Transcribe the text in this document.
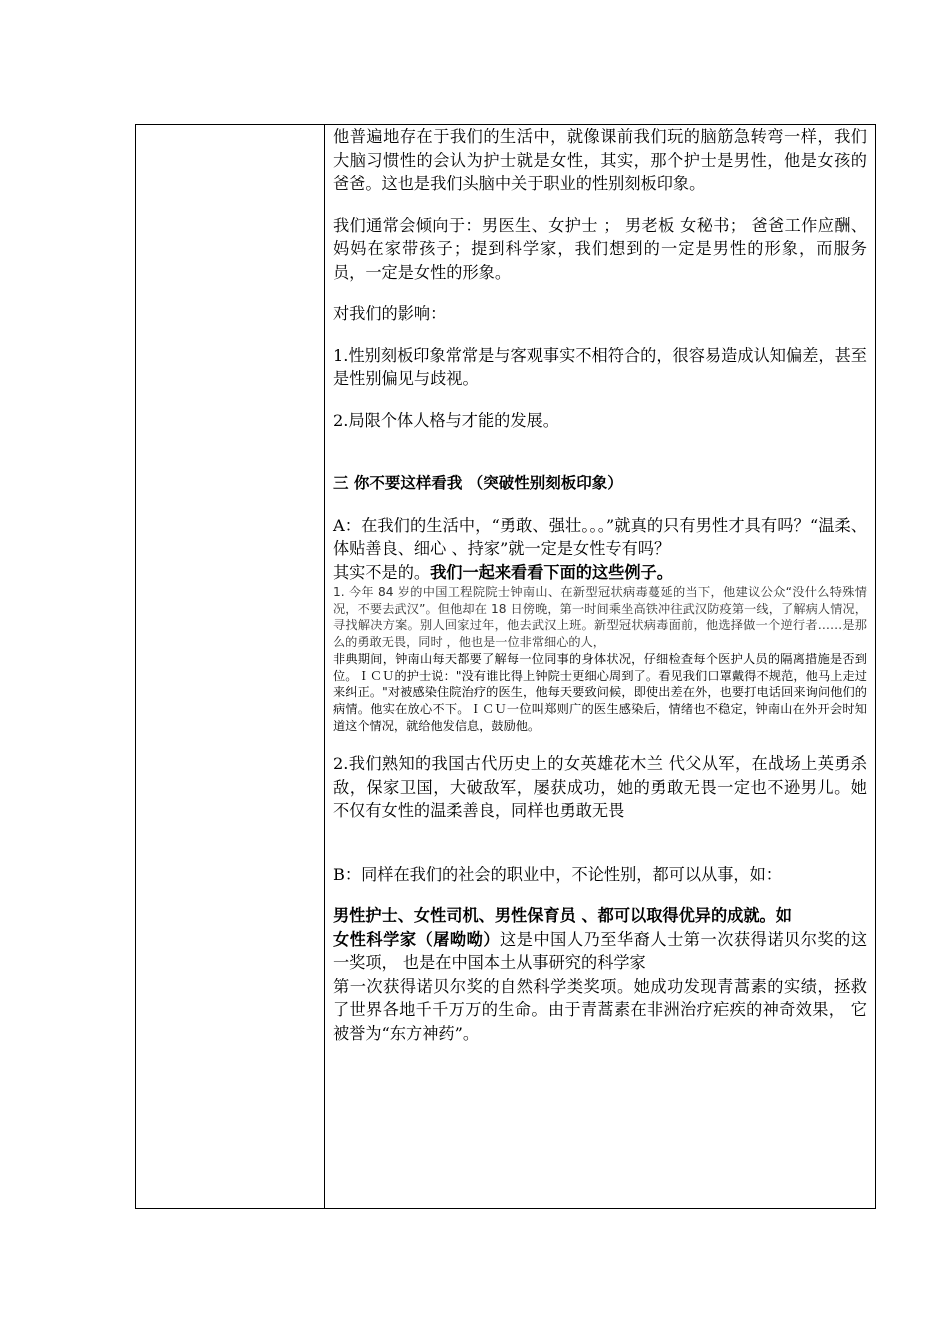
他普遍地存在于我们的生活中，就像课前我们玩的脑筋急转弯一样，我们大脑习惯性的会认为护士就是女性，其实，那个护士是男性，他是女孩的爸爸。这也是我们头脑中关于职业的性别刻板印象。

我们通常会倾向于：男医生、女护士 ； 男老板 女秘书； 爸爸工作应酬、妈妈在家带孩子；提到科学家，我们想到的一定是男性的形象，而服务员，一定是女性的形象。

对我们的影响：

1.性别刻板印象常常是与客观事实不相符合的，很容易造成认知偏差，甚至是性别偏见与歧视。

2.局限个体人格与才能的发展。

三 你不要这样看我 （突破性别刻板印象）

A：在我们的生活中，“勇敢、强壮。。。”就真的只有男性才具有吗？“温柔、体贴善良、细心 、持家”就一定是女性专有吗？

其实不是的。我们一起来看看下面的这些例子。

1. 今年 84 岁的中国工程院院士钟南山、在新型冠状病毒蔓延的当下，他建议公众“没什么特殊情况，不要去武汉”。但他却在 18 日傍晚，第一时间乘坐高铁冲往武汉防疫第一线，了解病人情况，寻找解决方案。别人回家过年，他去武汉上班。新型冠状病毒面前，他选择做一个逆行者……是那么的勇敢无畏，同时 ，他也是一位非常细心的人，

非典期间，钟南山每天都要了解每一位同事的身体状况，仔细检查每个医护人员的隔离措施是否到位。ＩＣＵ的护士说："没有谁比得上钟院士更细心周到了。看见我们口罩戴得不规范，他马上走过来纠正。"对被感染住院治疗的医生，他每天要致问候，即使出差在外，也要打电话回来询问他们的病情。他实在放心不下。ＩＣＵ一位叫郑则广的医生感染后，情绪也不稳定，钟南山在外开会时知道这个情况，就给他发信息，鼓励他。

2.我们熟知的我国古代历史上的女英雄花木兰 代父从军，在战场上英勇杀敌，保家卫国，大破敌军，屡获成功，她的勇敢无畏一定也不逊男儿。她不仅有女性的温柔善良，同样也勇敢无畏

B：同样在我们的社会的职业中，不论性别，都可以从事，如：

男性护士、女性司机、男性保育员 、都可以取得优异的成就。如

女性科学家（屠呦呦）这是中国人乃至华裔人士第一次获得诺贝尔奖的这一奖项， 也是在中国本土从事研究的科学家

第一次获得诺贝尔奖的自然科学类奖项。她成功发现青蒿素的实绩，拯救了世界各地千千万万的生命。由于青蒿素在非洲治疗疟疾的神奇效果， 它被誉为“东方神药”。
